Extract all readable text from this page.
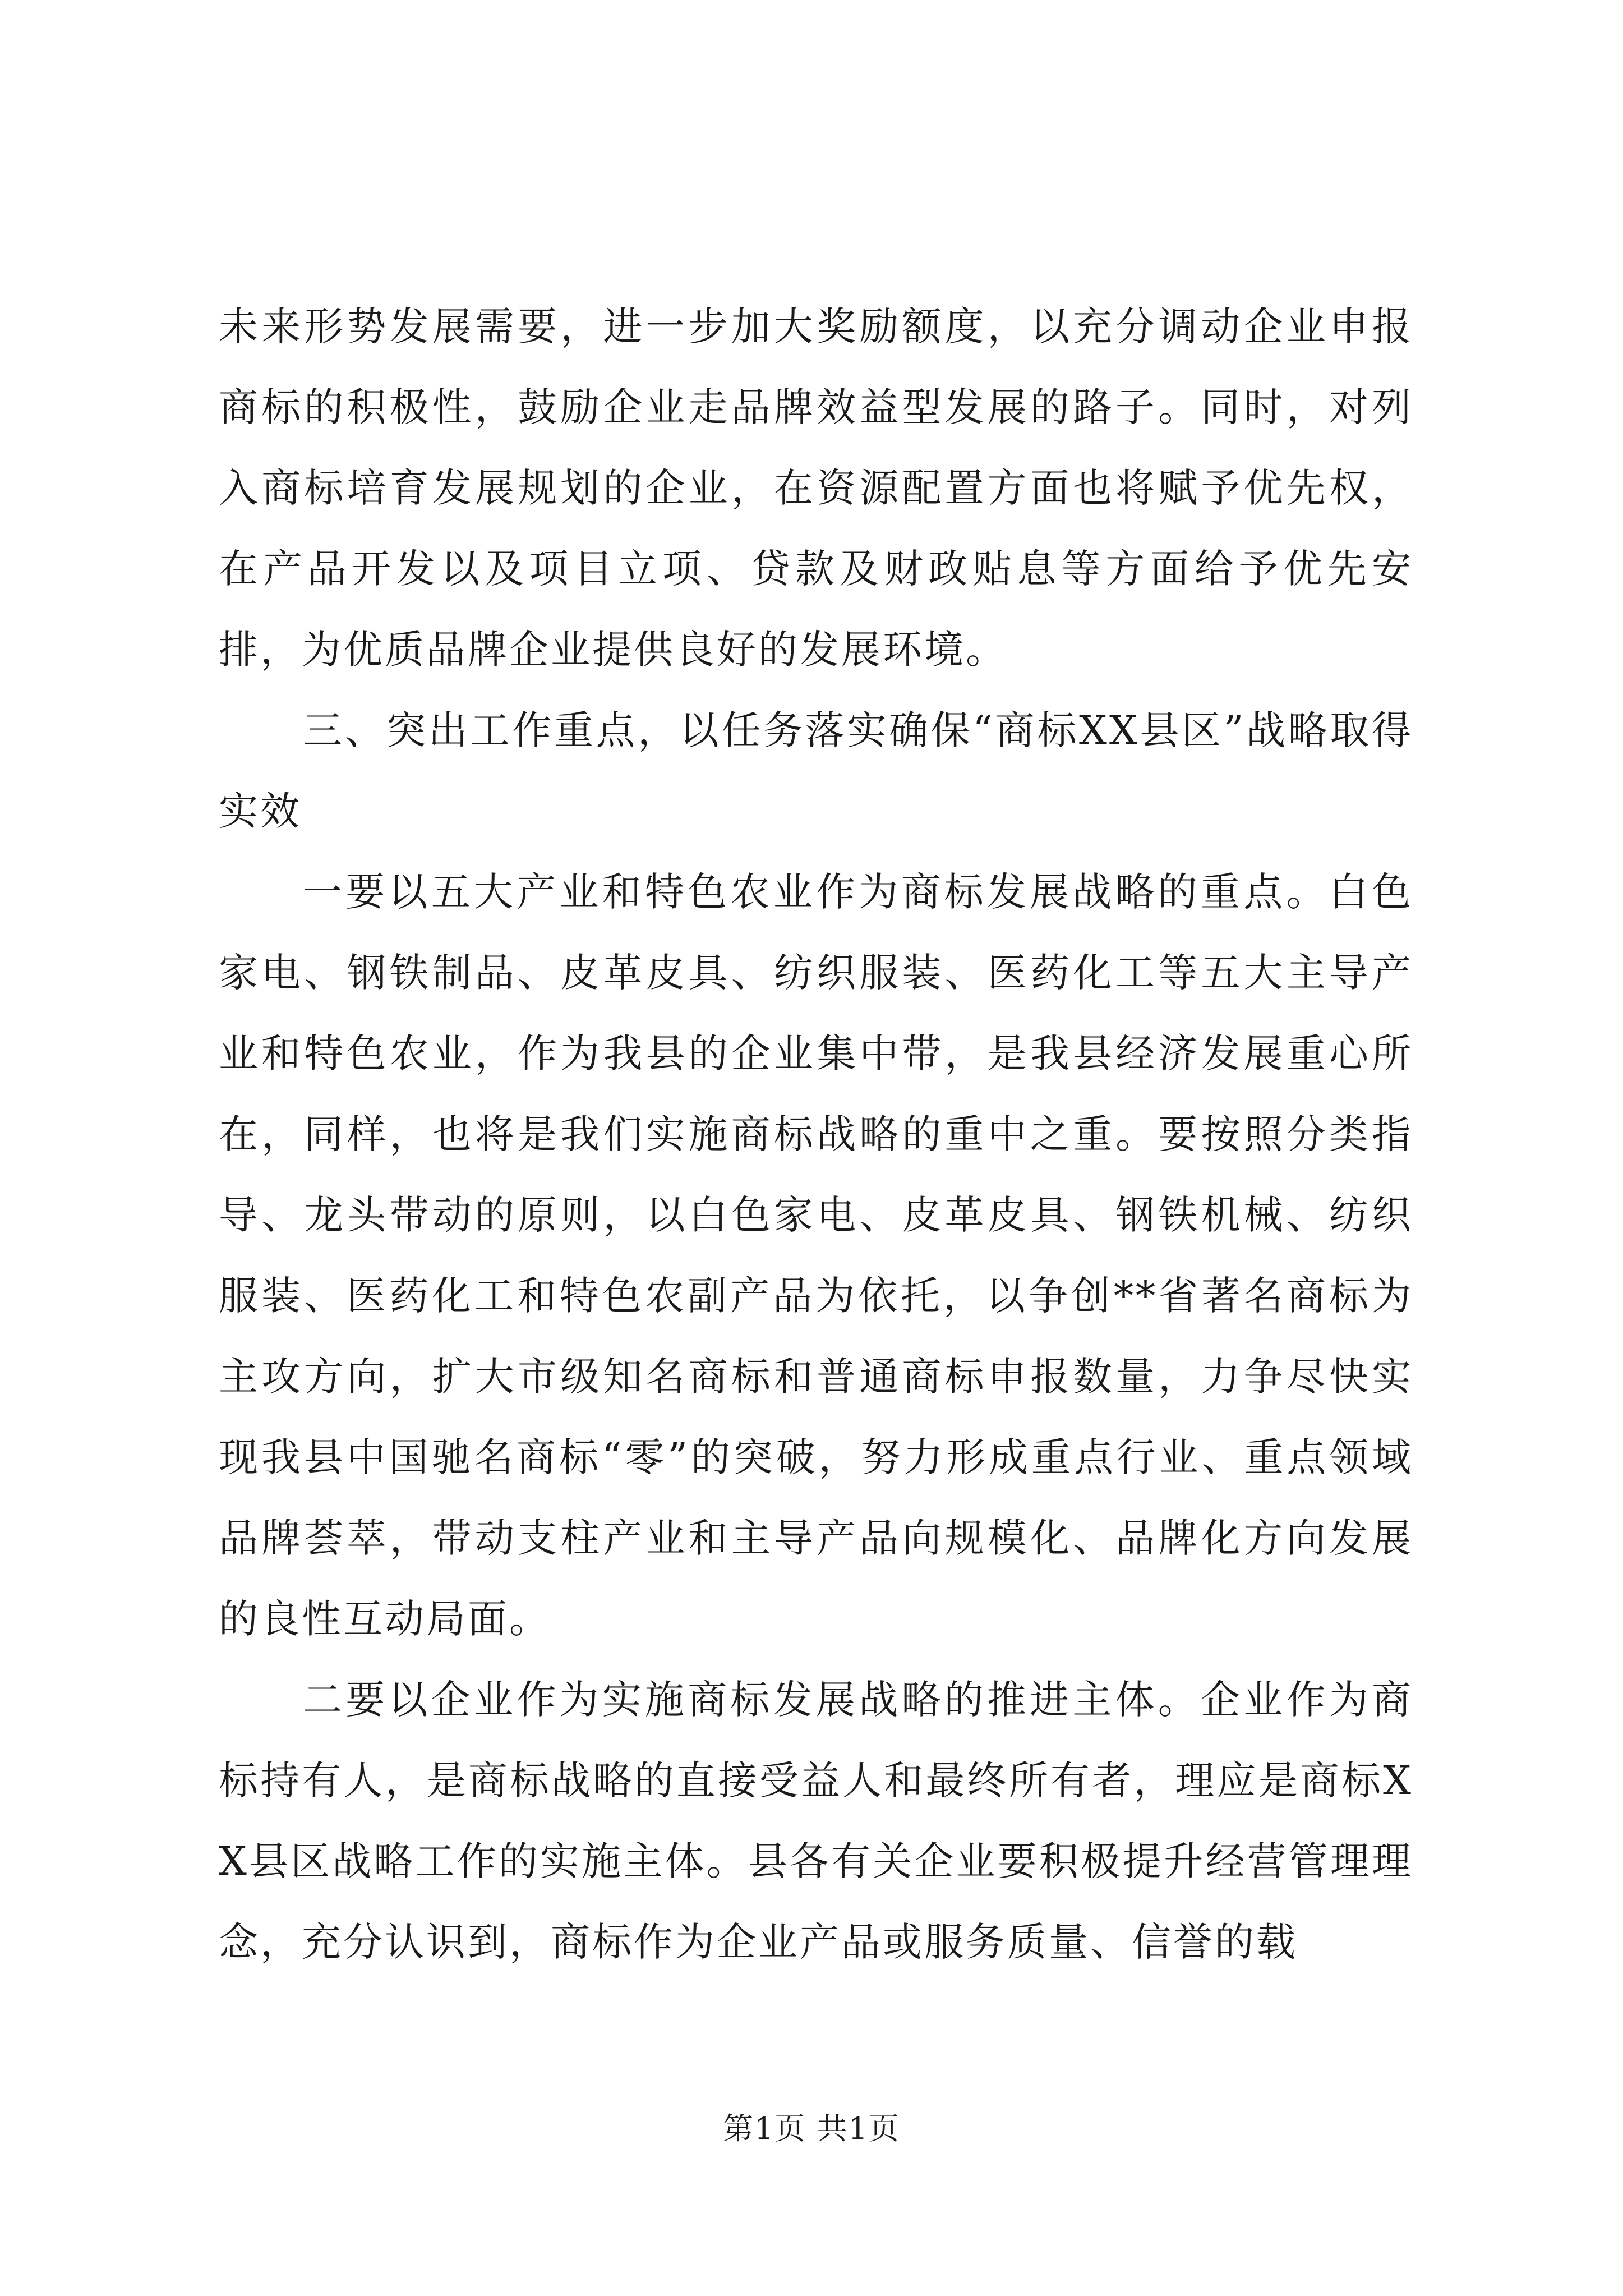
未来形势发展需要，进一步加大奖励额度，以充分调动企业申报商标的积极性，鼓励企业走品牌效益型发展的路子。同时，对列入商标培育发展规划的企业，在资源配置方面也将赋予优先权，在产品开发以及项目立项、贷款及财政贴息等方面给予优先安排，为优质品牌企业提供良好的发展环境。

三、突出工作重点，以任务落实确保“商标XX县区”战略取得实效

一要以五大产业和特色农业作为商标发展战略的重点。白色家电、钢铁制品、皮革皮具、纺织服装、医药化工等五大主导产业和特色农业，作为我县的企业集中带，是我县经济发展重心所在，同样，也将是我们实施商标战略的重中之重。要按照分类指导、龙头带动的原则，以白色家电、皮革皮具、钢铁机械、纺织服装、医药化工和特色农副产品为依托，以争创**省著名商标为主攻方向，扩大市级知名商标和普通商标申报数量，力争尽快实现我县中国驰名商标“零”的突破，努力形成重点行业、重点领域品牌荟萃，带动支柱产业和主导产品向规模化、品牌化方向发展的良性互动局面。

二要以企业作为实施商标发展战略的推进主体。企业作为商标持有人，是商标战略的直接受益人和最终所有者，理应是商标XX县区战略工作的实施主体。县各有关企业要积极提升经营管理理念，充分认识到，商标作为企业产品或服务质量、信誉的载

第1页 共1页
